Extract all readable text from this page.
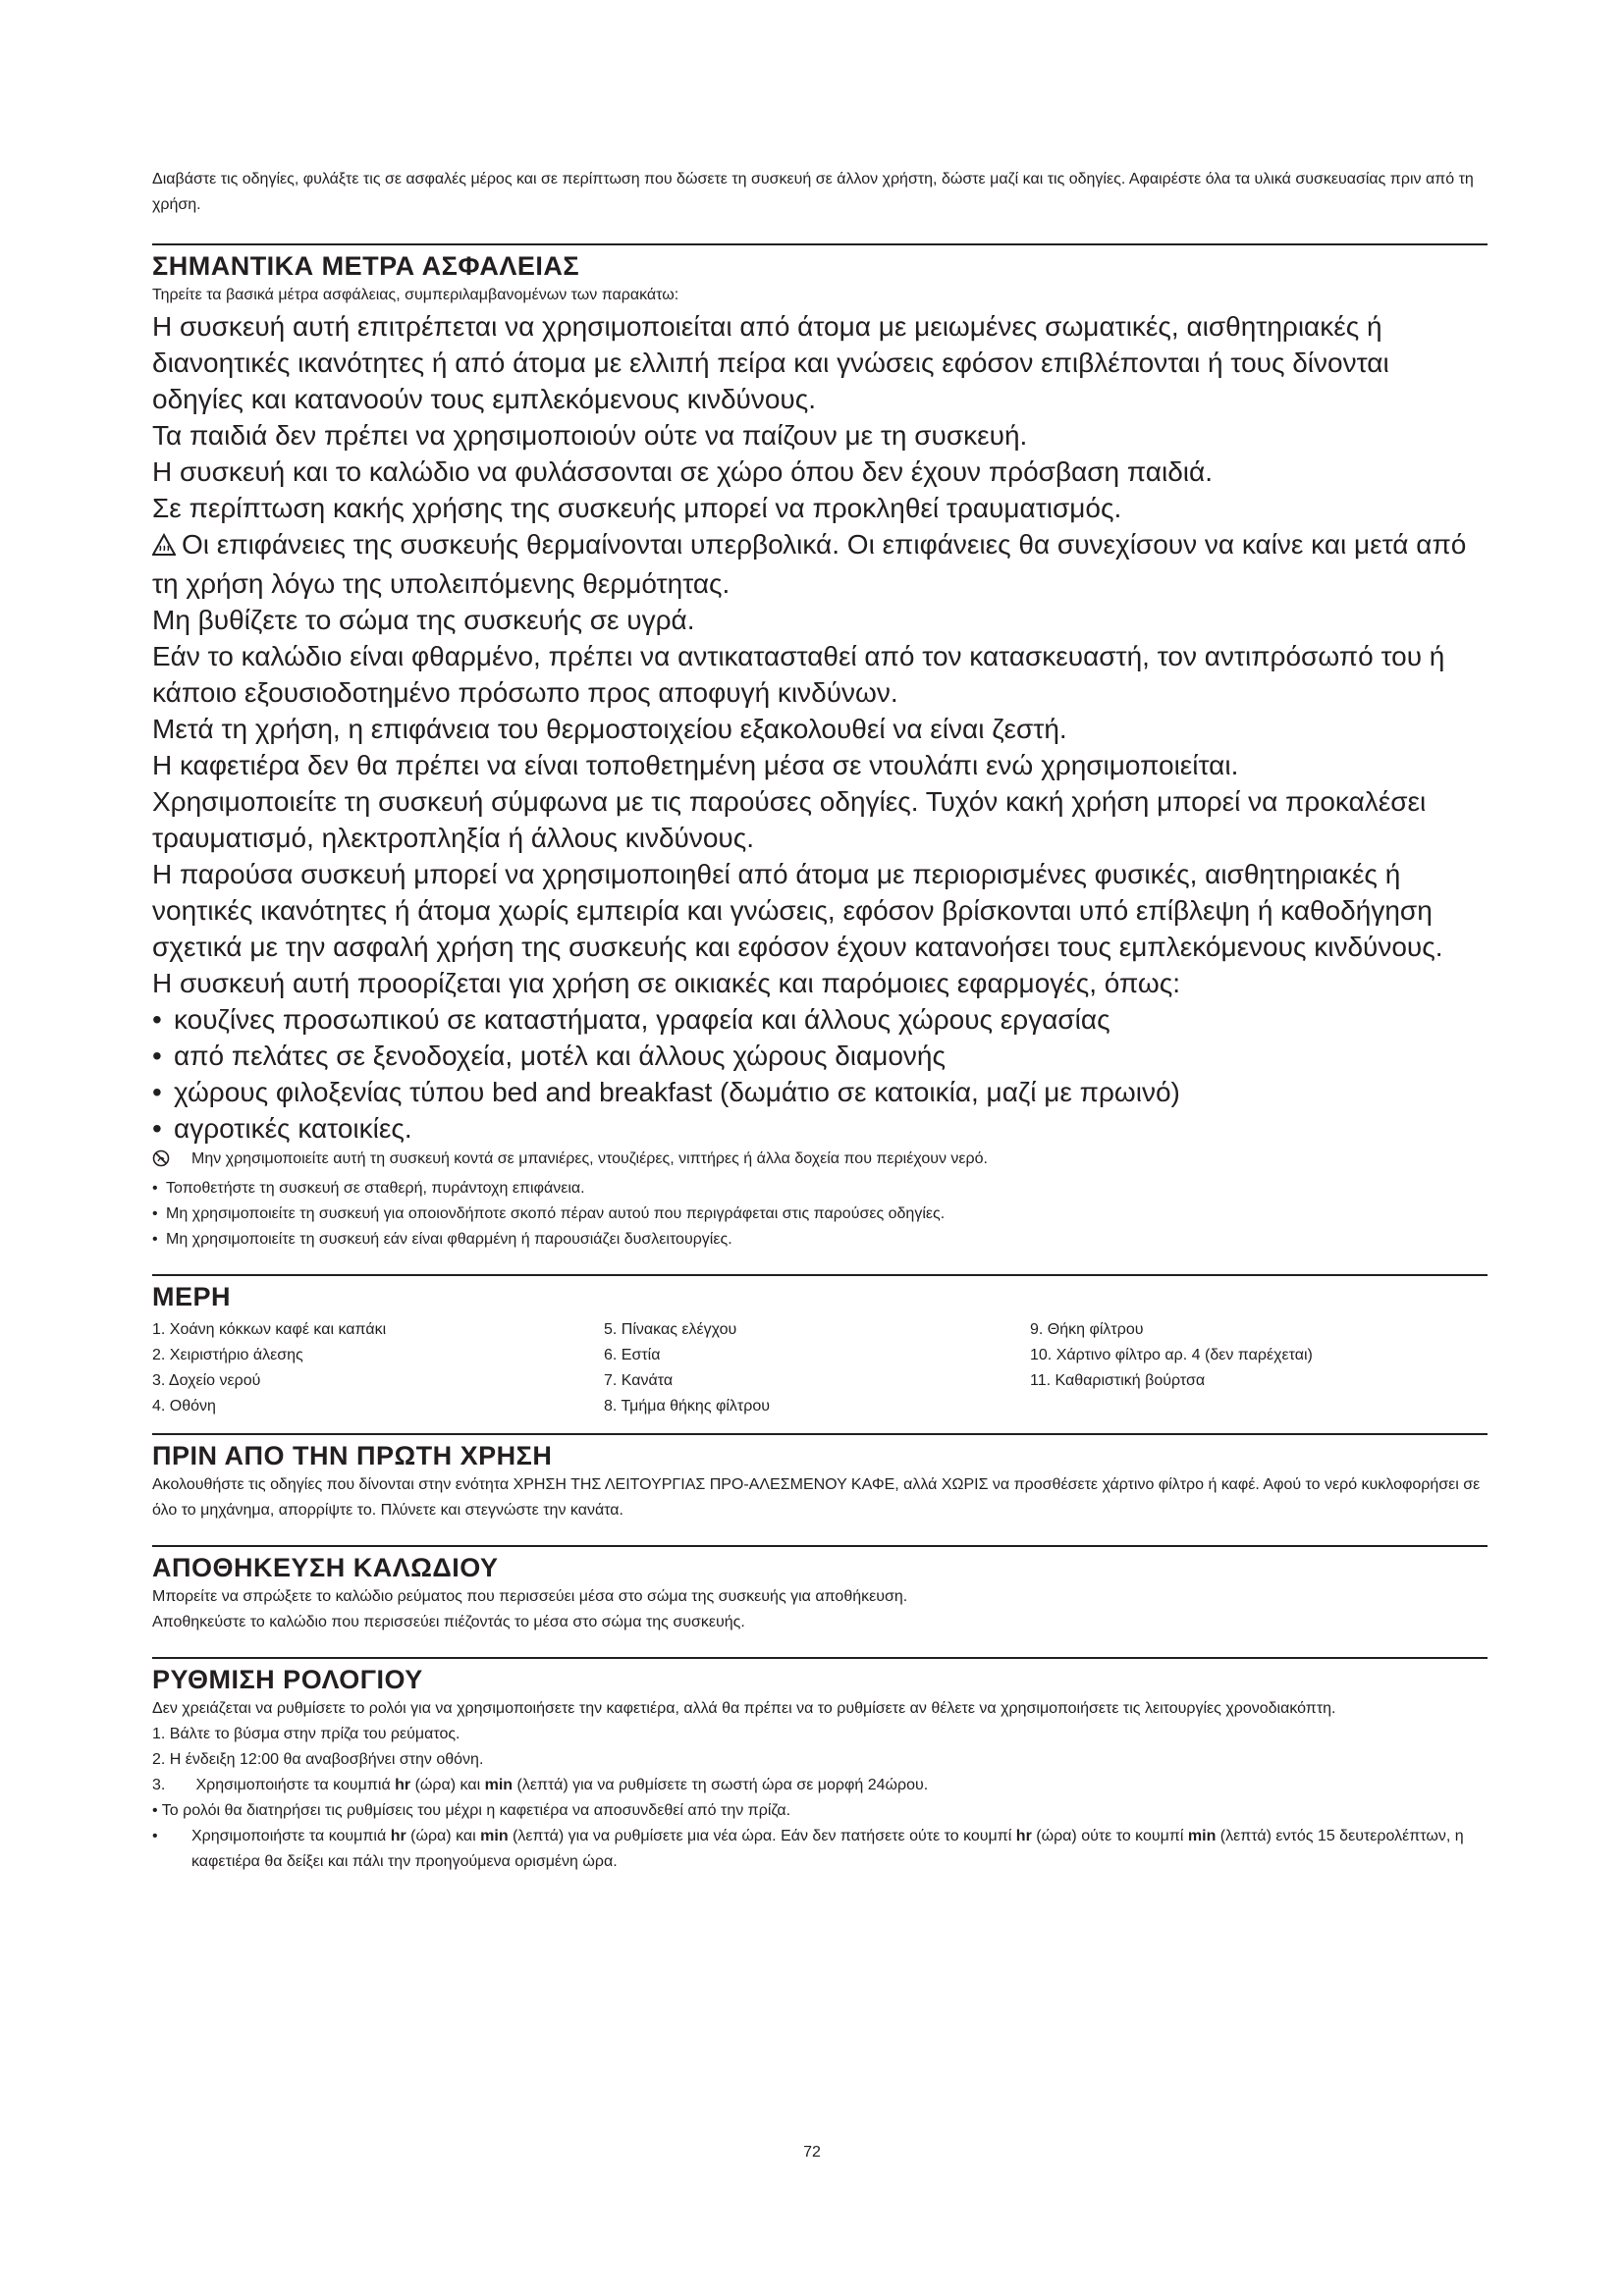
Διαβάστε τις οδηγίες, φυλάξτε τις σε ασφαλές μέρος και σε περίπτωση που δώσετε τη συσκευή σε άλλον χρήστη, δώστε μαζί και τις οδηγίες. Αφαιρέστε όλα τα υλικά συσκευασίας πριν από τη χρήση.

ΣΗΜΑΝΤΙΚΑ ΜΕΤΡΑ ΑΣΦΑΛΕΙΑΣ

Τηρείτε τα βασικά μέτρα ασφάλειας, συμπεριλαμβανομένων των παρακάτω:

Η συσκευή αυτή επιτρέπεται να χρησιμοποιείται από άτομα με μειωμένες σωματικές, αισθητηριακές ή διανοητικές ικανότητες ή από άτομα με ελλιπή πείρα και γνώσεις εφόσον επιβλέπονται ή τους δίνονται οδηγίες και κατανοούν τους εμπλεκόμενους κινδύνους.

Τα παιδιά δεν πρέπει να χρησιμοποιούν ούτε να παίζουν με τη συσκευή.

Η συσκευή και το καλώδιο να φυλάσσονται σε χώρο όπου δεν έχουν πρόσβαση παιδιά.

Σε περίπτωση κακής χρήσης της συσκευής μπορεί να προκληθεί τραυματισμός.

Οι επιφάνειες της συσκευής θερμαίνονται υπερβολικά. Οι επιφάνειες θα συνεχίσουν να καίνε και μετά από τη χρήση λόγω της υπολειπόμενης θερμότητας.

Μη βυθίζετε το σώμα της συσκευής σε υγρά.

Εάν το καλώδιο είναι φθαρμένο, πρέπει να αντικατασταθεί από τον κατασκευαστή, τον αντιπρόσωπό του ή κάποιο εξουσιοδοτημένο πρόσωπο προς αποφυγή κινδύνων.

Μετά τη χρήση, η επιφάνεια του θερμοστοιχείου εξακολουθεί να είναι ζεστή.

Η καφετιέρα δεν θα πρέπει να είναι τοποθετημένη μέσα σε ντουλάπι ενώ χρησιμοποιείται.

Χρησιμοποιείτε τη συσκευή σύμφωνα με τις παρούσες οδηγίες. Τυχόν κακή χρήση μπορεί να προκαλέσει τραυματισμό, ηλεκτροπληξία ή άλλους κινδύνους.

Η παρούσα συσκευή μπορεί να χρησιμοποιηθεί από άτομα με περιορισμένες φυσικές, αισθητηριακές ή νοητικές ικανότητες ή άτομα χωρίς εμπειρία και γνώσεις, εφόσον βρίσκονται υπό επίβλεψη ή καθοδήγηση σχετικά με την ασφαλή χρήση της συσκευής και εφόσον έχουν κατανοήσει τους εμπλεκόμενους κινδύνους.

Η συσκευή αυτή προορίζεται για χρήση σε οικιακές και παρόμοιες εφαρμογές, όπως:

• κουζίνες προσωπικού σε καταστήματα, γραφεία και άλλους χώρους εργασίας
• από πελάτες σε ξενοδοχεία, μοτέλ και άλλους χώρους διαμονής
• χώρους φιλοξενίας τύπου bed and breakfast (δωμάτιο σε κατοικία, μαζί με πρωινό)
• αγροτικές κατοικίες.

Μην χρησιμοποιείτε αυτή τη συσκευή κοντά σε μπανιέρες, ντουζιέρες, νιπτήρες ή άλλα δοχεία που περιέχουν νερό.

• Τοποθετήστε τη συσκευή σε σταθερή, πυράντοχη επιφάνεια.
• Μη χρησιμοποιείτε τη συσκευή για οποιονδήποτε σκοπό πέραν αυτού που περιγράφεται στις παρούσες οδηγίες.
• Μη χρησιμοποιείτε τη συσκευή εάν είναι φθαρμένη ή παρουσιάζει δυσλειτουργίες.
ΜΕΡΗ
1. Χοάνη κόκκων καφέ και καπάκι
2. Χειριστήριο άλεσης
3. Δοχείο νερού
4. Οθόνη
5. Πίνακας ελέγχου
6. Εστία
7. Κανάτα
8. Τμήμα θήκης φίλτρου
9. Θήκη φίλτρου
10. Χάρτινο φίλτρο αρ. 4 (δεν παρέχεται)
11. Καθαριστική βούρτσα
ΠΡΙΝ ΑΠΟ ΤΗΝ ΠΡΩΤΗ ΧΡΗΣΗ

Ακολουθήστε τις οδηγίες που δίνονται στην ενότητα ΧΡΗΣΗ ΤΗΣ ΛΕΙΤΟΥΡΓΙΑΣ ΠΡΟ-ΑΛΕΣΜΕΝΟΥ ΚΑΦΕ, αλλά ΧΩΡΙΣ να προσθέσετε χάρτινο φίλτρο ή καφέ. Αφού το νερό κυκλοφορήσει σε όλο το μηχάνημα, απορρίψτε το. Πλύνετε και στεγνώστε την κανάτα.

ΑΠΟΘΗΚΕΥΣΗ ΚΑΛΩΔΙΟΥ

Μπορείτε να σπρώξετε το καλώδιο ρεύματος που περισσεύει μέσα στο σώμα της συσκευής για αποθήκευση.

Αποθηκεύστε το καλώδιο που περισσεύει πιέζοντάς το μέσα στο σώμα της συσκευής.

ΡΥΘΜΙΣΗ ΡΟΛΟΓΙΟΥ

Δεν χρειάζεται να ρυθμίσετε το ρολόι για να χρησιμοποιήσετε την καφετιέρα, αλλά θα πρέπει να το ρυθμίσετε αν θέλετε να χρησιμοποιήσετε τις λειτουργίες χρονοδιακόπτη.

1. Βάλτε το βύσμα στην πρίζα του ρεύματος.
2. Η ένδειξη 12:00 θα αναβοσβήνει στην οθόνη.
3.       Χρησιμοποιήστε τα κουμπιά hr (ώρα) και min (λεπτά) για να ρυθμίσετε τη σωστή ώρα σε μορφή 24ώρου.

• Το ρολόι θα διατηρήσει τις ρυθμίσεις του μέχρι η καφετιέρα να αποσυνδεθεί από την πρίζα.

• Χρησιμοποιήστε τα κουμπιά hr (ώρα) και min (λεπτά) για να ρυθμίσετε μια νέα ώρα. Εάν δεν πατήσετε ούτε το κουμπί hr (ώρα) ούτε το κουμπί min (λεπτά) εντός 15 δευτερολέπτων, η καφετιέρα θα δείξει και πάλι την προηγούμενα ορισμένη ώρα.
72
